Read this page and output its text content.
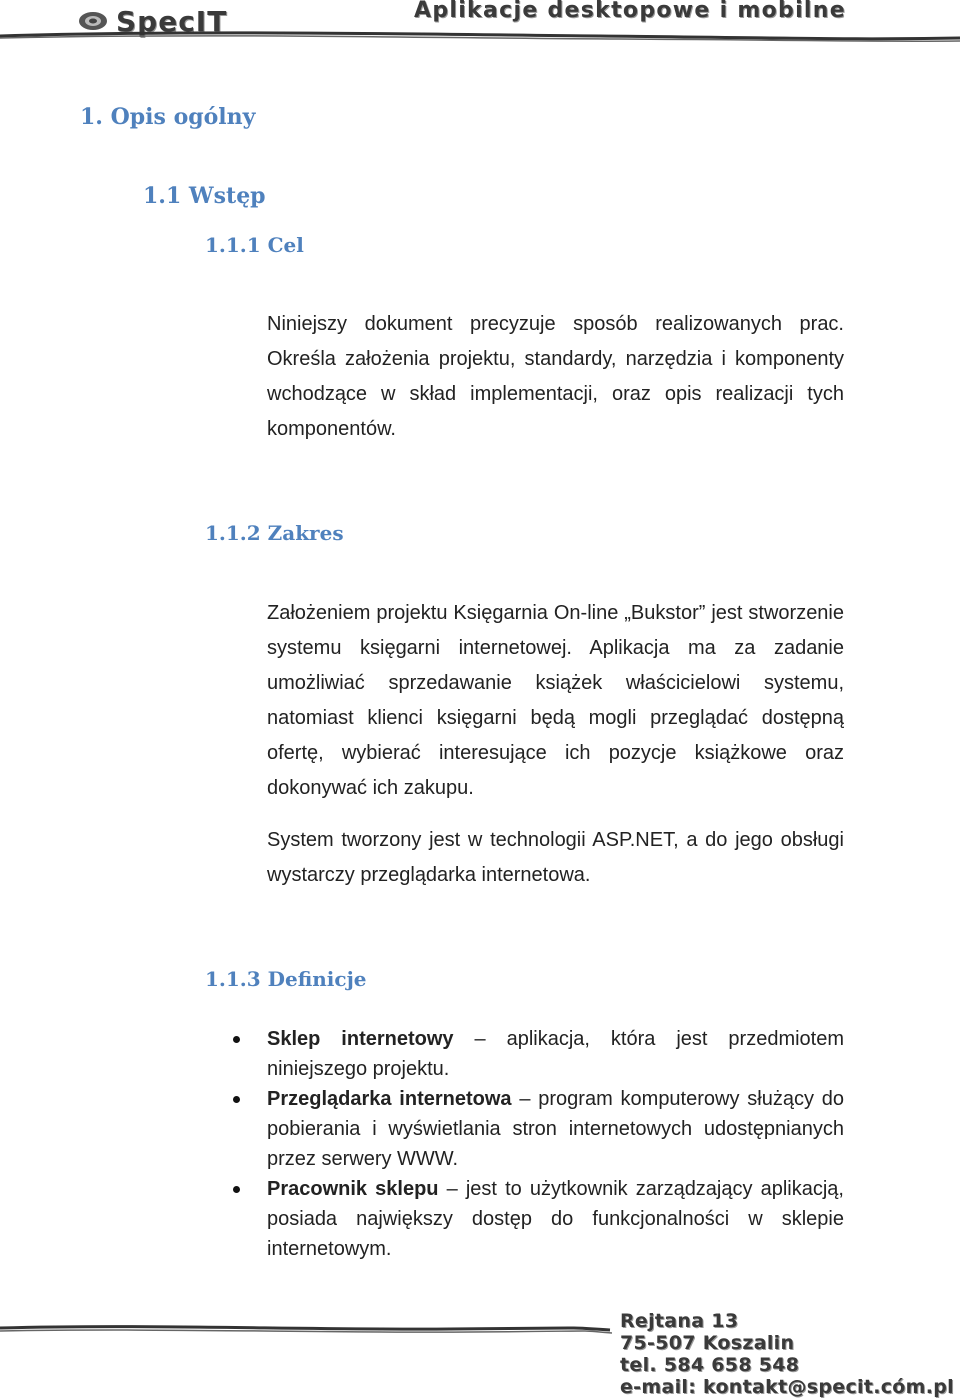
SpecIT	Aplikacje desktopowe i mobilne
1. Opis ogólny
1.1 Wstęp
1.1.1 Cel

Niniejszy dokument precyzuje sposób realizowanych prac. Określa założenia projektu, standardy, narzędzia i komponenty wchodzące w skład implementacji, oraz opis realizacji tych komponentów.

1.1.2 Zakres

Założeniem projektu Księgarnia On-line „Bukstor” jest stworzenie systemu księgarni internetowej. Aplikacja ma za zadanie umożliwiać sprzedawanie książek właścicielowi systemu, natomiast klienci księgarni będą mogli przeglądać dostępną ofertę, wybierać interesujące ich pozycje książkowe oraz dokonywać ich zakupu.

System tworzony jest w technologii ASP.NET, a do jego obsługi wystarczy przeglądarka internetowa.

1.1.3 Definicje
Sklep internetowy – aplikacja, która jest przedmiotem niniejszego projektu.
Przeglądarka internetowa – program komputerowy służący do pobierania i wyświetlania stron internetowych udostępnianych przez serwery WWW.
Pracownik sklepu – jest to użytkownik zarządzający aplikacją, posiada największy dostęp do funkcjonalności w sklepie internetowym.
Rejtana 13
75-507 Koszalin
tel. 584 658 548
e-mail: kontakt@specit.cóm.pl
